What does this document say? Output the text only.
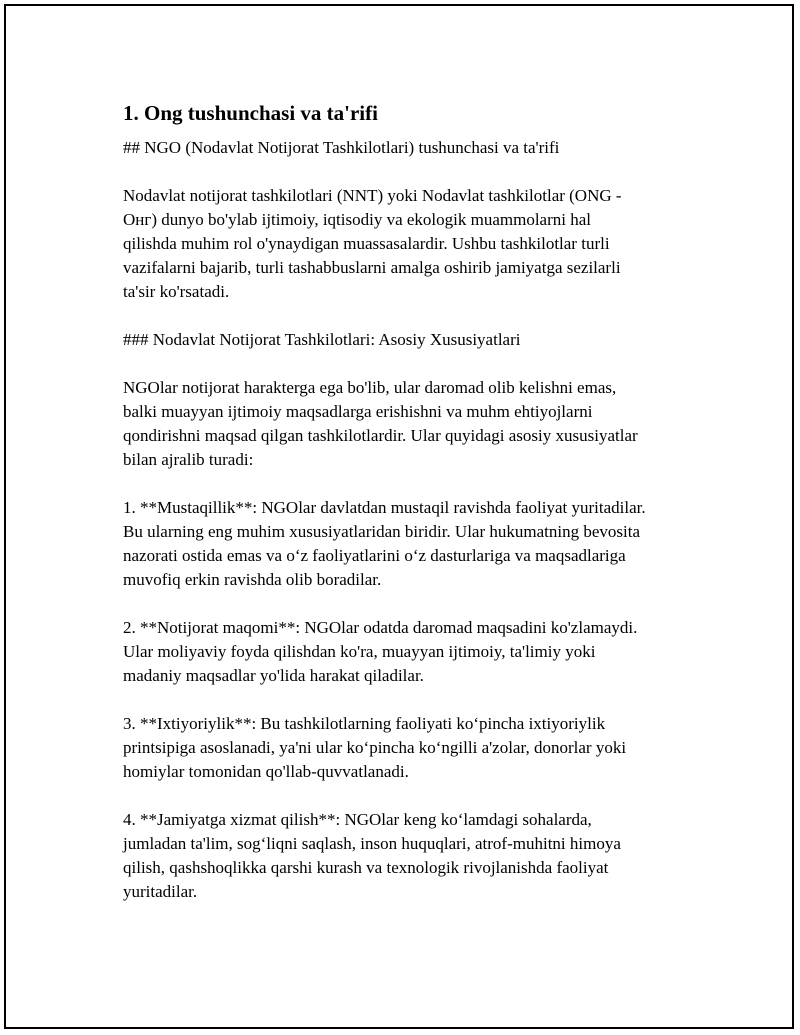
1. Ong tushunchasi va ta'rifi

## NGO (Nodavlat Notijorat Tashkilotlari) tushunchasi va ta'rifi

Nodavlat notijorat tashkilotlari (NNT) yoki Nodavlat tashkilotlar (ONG -
Онг) dunyo bo'ylab ijtimoiy, iqtisodiy va ekologik muammolarni hal
qilishda muhim rol o'ynaydigan muassasalardir. Ushbu tashkilotlar turli
vazifalarni bajarib, turli tashabbuslarni amalga oshirib jamiyatga sezilarli
ta'sir ko'rsatadi.

### Nodavlat Notijorat Tashkilotlari: Asosiy Xususiyatlari

NGOlar notijorat harakterga ega bo'lib, ular daromad olib kelishni emas,
balki muayyan ijtimoiy maqsadlarga erishishni va muhm ehtiyojlarni
qondirishni maqsad qilgan tashkilotlardir. Ular quyidagi asosiy xususiyatlar
bilan ajralib turadi:

1. **Mustaqillik**: NGOlar davlatdan mustaqil ravishda faoliyat yuritadilar.
Bu ularning eng muhim xususiyatlaridan biridir. Ular hukumatning bevosita
nazorati ostida emas va o‘z faoliyatlarini o‘z dasturlariga va maqsadlariga
muvofiq erkin ravishda olib boradilar.

2. **Notijorat maqomi**: NGOlar odatda daromad maqsadini ko'zlamaydi.
Ular moliyaviy foyda qilishdan ko'ra, muayyan ijtimoiy, ta'limiy yoki
madaniy maqsadlar yo'lida harakat qiladilar.

3. **Ixtiyoriylik**: Bu tashkilotlarning faoliyati ko‘pincha ixtiyoriylik
printsipiga asoslanadi, ya'ni ular ko‘pincha ko‘ngilli a'zolar, donorlar yoki
homiylar tomonidan qo'llab-quvvatlanadi.

4. **Jamiyatga xizmat qilish**: NGOlar keng ko‘lamdagi sohalarda,
jumladan ta'lim, sog‘liqni saqlash, inson huquqlari, atrof-muhitni himoya
qilish, qashshoqlikka qarshi kurash va texnologik rivojlanishda faoliyat
yuritadilar.
